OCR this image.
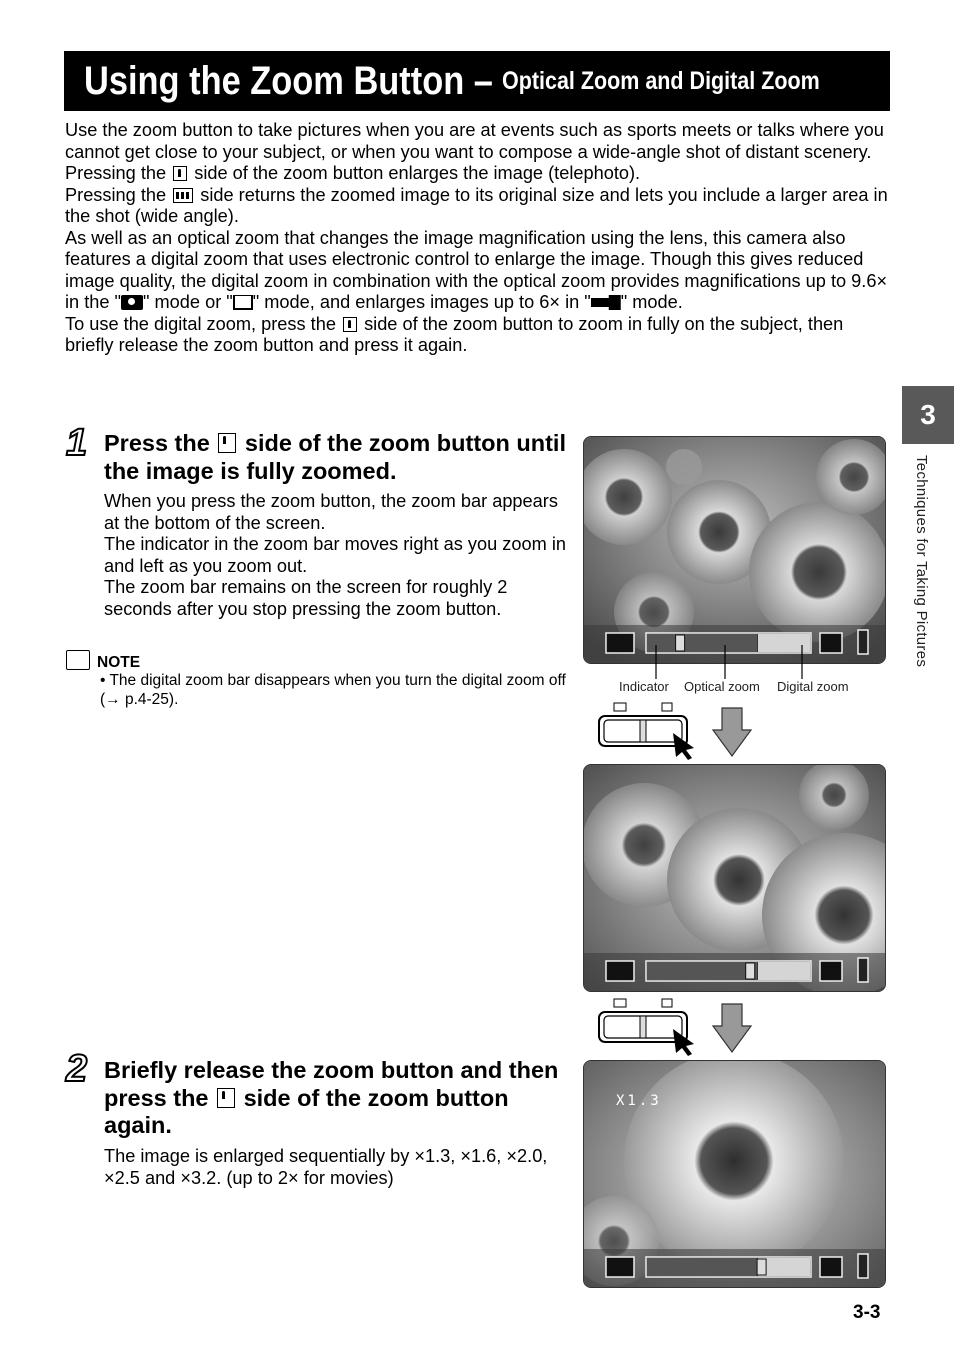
Using the Zoom Button – Optical Zoom and Digital Zoom

Use the zoom button to take pictures when you are at events such as sports meets or talks where you cannot get close to your subject, or when you want to compose a wide-angle shot of distant scenery.

Pressing the side of the zoom button enlarges the image (telephoto).

Pressing the side returns the zoomed image to its original size and lets you include a larger area in the shot (wide angle).

As well as an optical zoom that changes the image magnification using the lens, this camera also features a digital zoom that uses electronic control to enlarge the image. Though this gives reduced image quality, the digital zoom in combination with the optical zoom provides magnifications up to 9.6× in the " " mode or " " mode, and enlarges images up to 6× in " " mode.

To use the digital zoom, press the side of the zoom button to zoom in fully on the subject, then briefly release the zoom button and press it again.

3
Techniques for Taking Pictures
1 Press the side of the zoom button until the image is fully zoomed.

When you press the zoom button, the zoom bar appears at the bottom of the screen.

The indicator in the zoom bar moves right as you zoom in and left as you zoom out.

The zoom bar remains on the screen for roughly 2 seconds after you stop pressing the zoom button.

NOTE

• The digital zoom bar disappears when you turn the digital zoom off (→ p.4-25).

2 Briefly release the zoom button and then press the side of the zoom button again.
The image is enlarged sequentially by ×1.3, ×1.6, ×2.0, ×2.5 and ×3.2. (up to 2× for movies)
Indicator Optical zoom Digital zoom
X1.3
3-3
